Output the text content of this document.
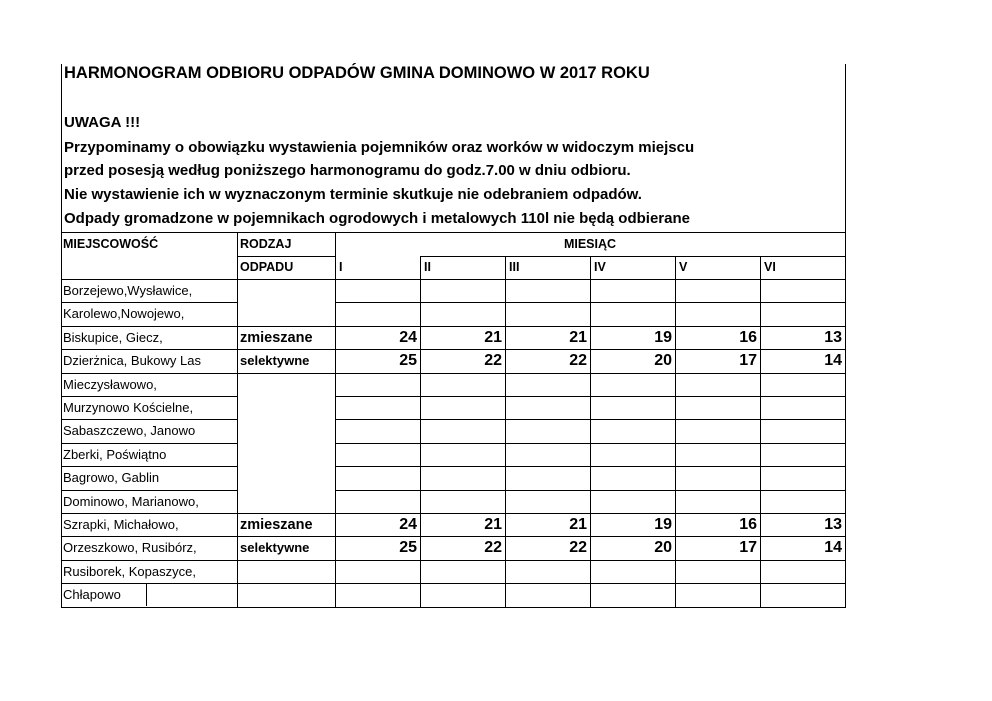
HARMONOGRAM ODBIORU ODPADÓW GMINA DOMINOWO W 2017 ROKU
UWAGA !!!
Przypominamy o obowiązku wystawienia pojemników oraz worków w widoczym miejscu
przed posesją według poniższego harmonogramu do godz.7.00 w dniu odbioru.
Nie wystawienie ich w wyznaczonym terminie skutkuje nie odebraniem odpadów.
Odpady gromadzone w pojemnikach ogrodowych i metalowych 110l nie będą odbierane
MIEJSCOWOŚĆ	RODZAJ
ODPADU
MIESIĄC
I	II	III	IV	V	VI
Borzejewo,Wysławice,
Karolewo,Nowojewo,
Biskupice, Giecz,	zmieszane	24	21	21	19	16	13
Dzierżnica, Bukowy Las	selektywne	25	22	22	20	17	14
Mieczysławowo,
Murzynowo Kościelne,
Sabaszczewo, Janowo
Zberki, Poświątno
Bagrowo, Gablin
Dominowo, Marianowo,
Szrapki, Michałowo,	zmieszane	24	21	21	19	16	13
Orzeszkowo, Rusibórz,	selektywne	25	22	22	20	17	14
Rusiborek, Kopaszyce,
Chłapowo
